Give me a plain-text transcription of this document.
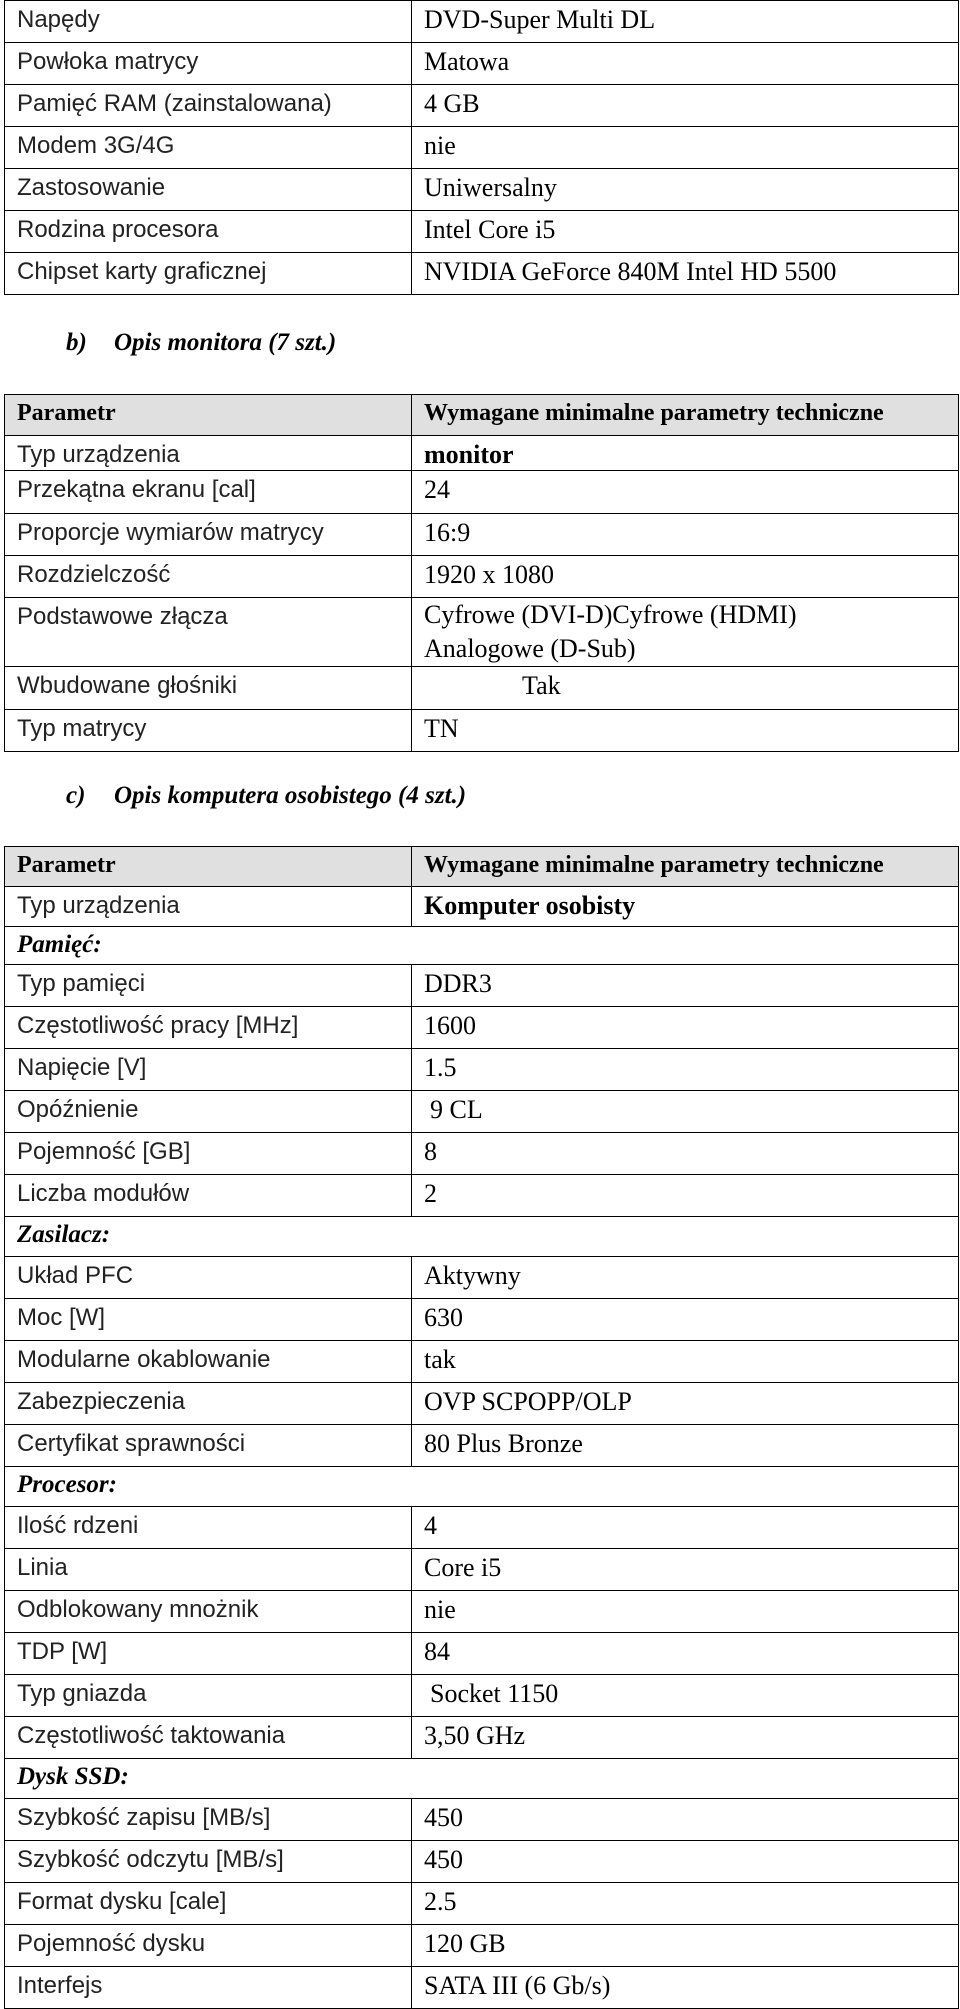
Napędy	DVD-Super Multi DL
Powłoka matrycy	Matowa
Pamięć RAM (zainstalowana)	4 GB
Modem 3G/4G	nie
Zastosowanie	Uniwersalny
Rodzina procesora	Intel Core i5
Chipset karty graficznej	NVIDIA GeForce 840M Intel HD 5500
b) Opis monitora (7 szt.)
Parametr	Wymagane minimalne parametry techniczne
Typ urządzenia	monitor
Przekątna ekranu [cal]	24
Proporcje wymiarów matrycy	16:9
Rozdzielczość	1920 x 1080
Podstawowe złącza	Cyfrowe (DVI-D)Cyfrowe (HDMI) Analogowe (D-Sub)
Wbudowane głośniki	Tak
Typ matrycy	TN
c) Opis komputera osobistego (4 szt.)
Parametr	Wymagane minimalne parametry techniczne
Typ urządzenia	Komputer osobisty
Pamięć:	
Typ pamięci	DDR3
Częstotliwość pracy [MHz]	1600
Napięcie [V]	1.5
Opóźnienie	9 CL
Pojemność [GB]	8
Liczba modułów	2
Zasilacz:	
Układ PFC	Aktywny
Moc [W]	630
Modularne okablowanie	tak
Zabezpieczenia	OVP SCPOPP/OLP
Certyfikat sprawności	80 Plus Bronze
Procesor:	
Ilość rdzeni	4
Linia	Core i5
Odblokowany mnożnik	nie
TDP [W]	84
Typ gniazda	Socket 1150
Częstotliwość taktowania	3,50 GHz
Dysk SSD:	
Szybkość zapisu [MB/s]	450
Szybkość odczytu [MB/s]	450
Format dysku [cale]	2.5
Pojemność dysku	120 GB
Interfejs	SATA III (6 Gb/s)
